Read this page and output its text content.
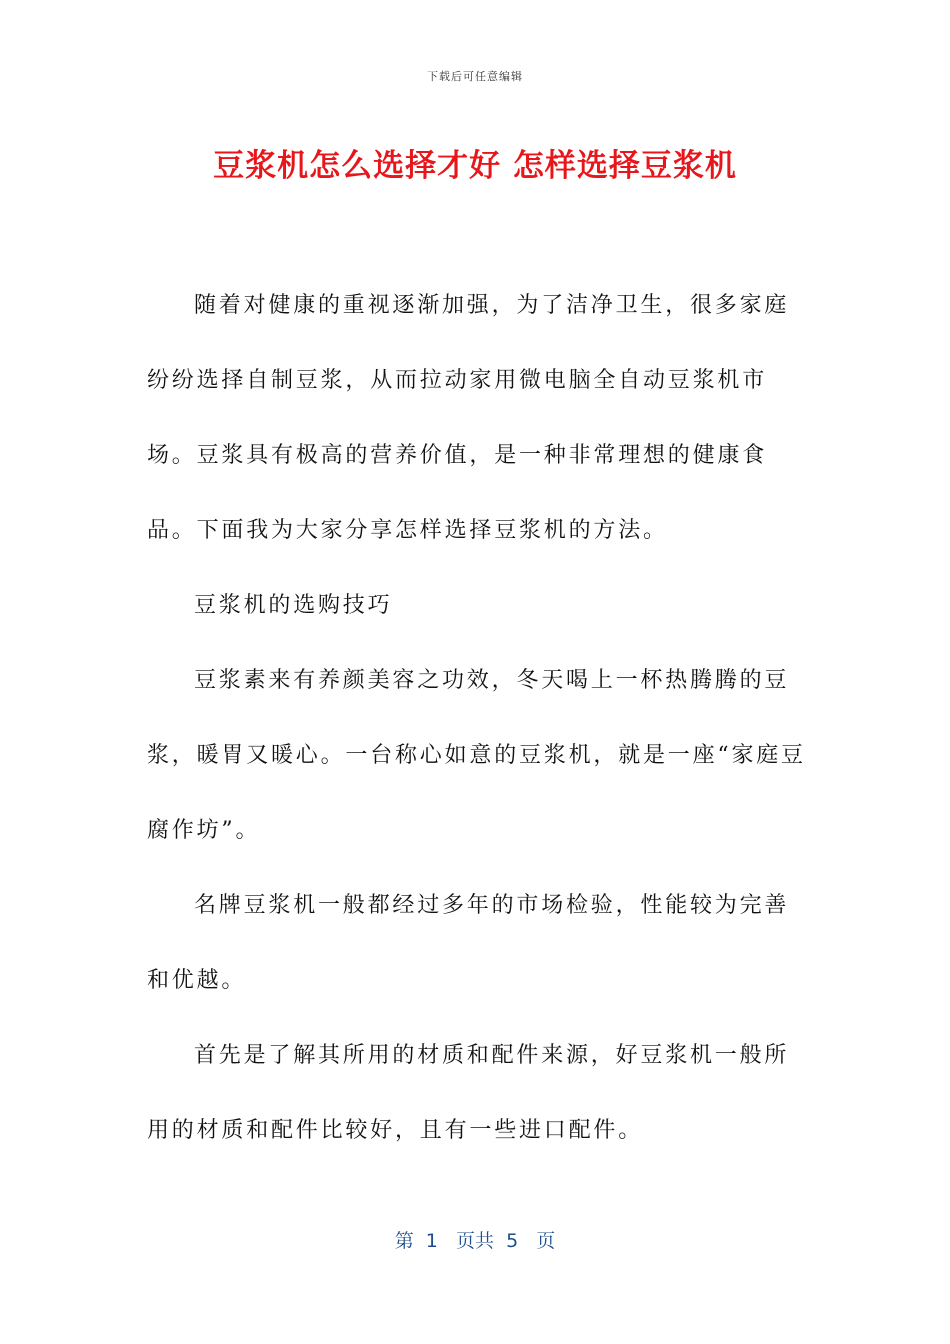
下载后可任意编辑
豆浆机怎么选择才好 怎样选择豆浆机

随着对健康的重视逐渐加强，为了洁净卫生，很多家庭纷纷选择自制豆浆，从而拉动家用微电脑全自动豆浆机市场。豆浆具有极高的营养价值，是一种非常理想的健康食品。下面我为大家分享怎样选择豆浆机的方法。

豆浆机的选购技巧

豆浆素来有养颜美容之功效，冬天喝上一杯热腾腾的豆浆，暖胃又暖心。一台称心如意的豆浆机，就是一座“家庭豆腐作坊”。

名牌豆浆机一般都经过多年的市场检验，性能较为完善和优越。

首先是了解其所用的材质和配件来源，好豆浆机一般所用的材质和配件比较好，且有一些进口配件。

第  1   页共  5   页
